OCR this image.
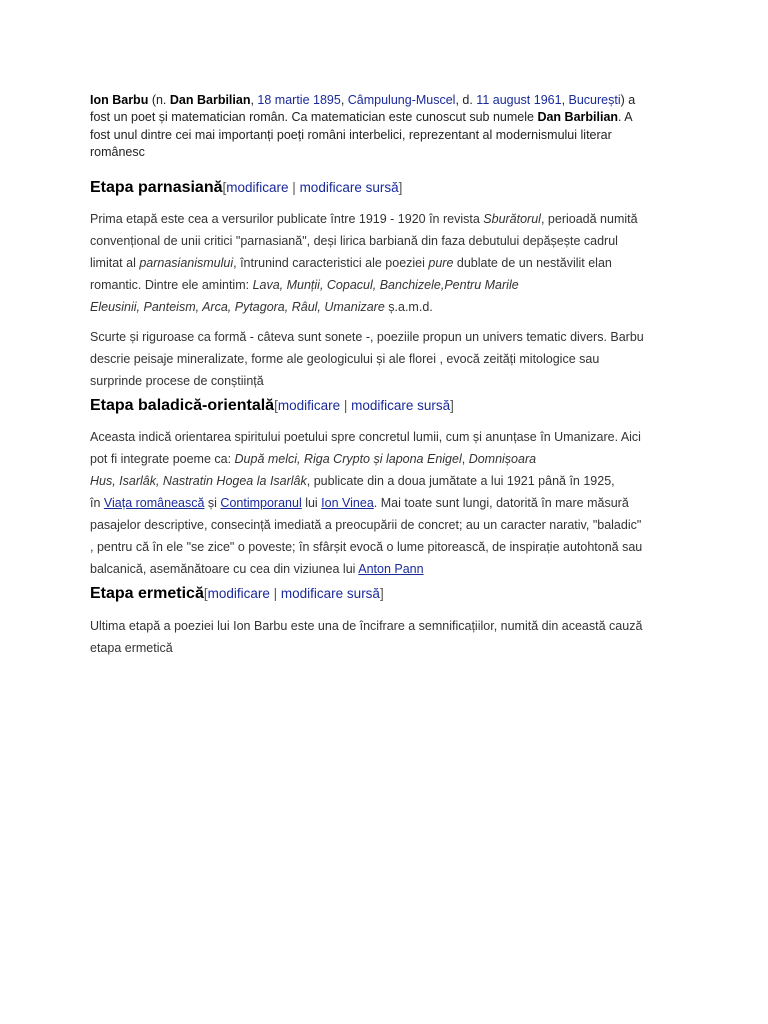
Ion Barbu (n. Dan Barbilian, 18 martie 1895, Câmpulung-Muscel, d. 11 august 1961, București) a
fost un poet și matematician român. Ca matematician este cunoscut sub numele Dan Barbilian. A
fost unul dintre cei mai importanți poeți români interbelici, reprezentant al modernismului literar
românesc
Etapa parnasiană[modificare | modificare sursă]
Prima etapă este cea a versurilor publicate între 1919 - 1920 în revista Sburătorul, perioadă numită
convențional de unii critici "parnasiană", deși lirica barbiană din faza debutului depășește cadrul
limitat al parnasianismului, întrunind caracteristici ale poeziei pure dublate de un nestăvilit elan
romantic. Dintre ele amintim: Lava, Munții, Copacul, Banchizele,Pentru Marile
Eleusinii, Panteism, Arca, Pytagora, Râul, Umanizare ș.a.m.d.
Scurte și riguroase ca formă - câteva sunt sonete -, poeziile propun un univers tematic divers. Barbu
descrie peisaje mineralizate, forme ale geologicului și ale florei , evocă zeități mitologice sau
surprinde procese de conștiință
Etapa baladică-orientală[modificare | modificare sursă]
Aceasta indică orientarea spiritului poetului spre concretul lumii, cum și anunțase în Umanizare. Aici
pot fi integrate poeme ca: După melci, Riga Crypto și lapona Enigel, Domnișoara
Hus, Isarlâk, Nastratin Hogea la Isarlâk, publicate din a doua jumătate a lui 1921 până în 1925,
în Viața românească și Contimporanul lui Ion Vinea. Mai toate sunt lungi, datorită în mare măsură
pasajelor descriptive, consecință imediată a preocupării de concret; au un caracter narativ, "baladic"
, pentru că în ele "se zice" o poveste; în sfârșit evocă o lume pitorească, de inspirație autohtonă sau
balcanică, asemănătoare cu cea din viziunea lui Anton Pann
Etapa ermetică[modificare | modificare sursă]
Ultima etapă a poeziei lui Ion Barbu este una de încifrare a semnificațiilor, numită din această cauză
etapa ermetică
